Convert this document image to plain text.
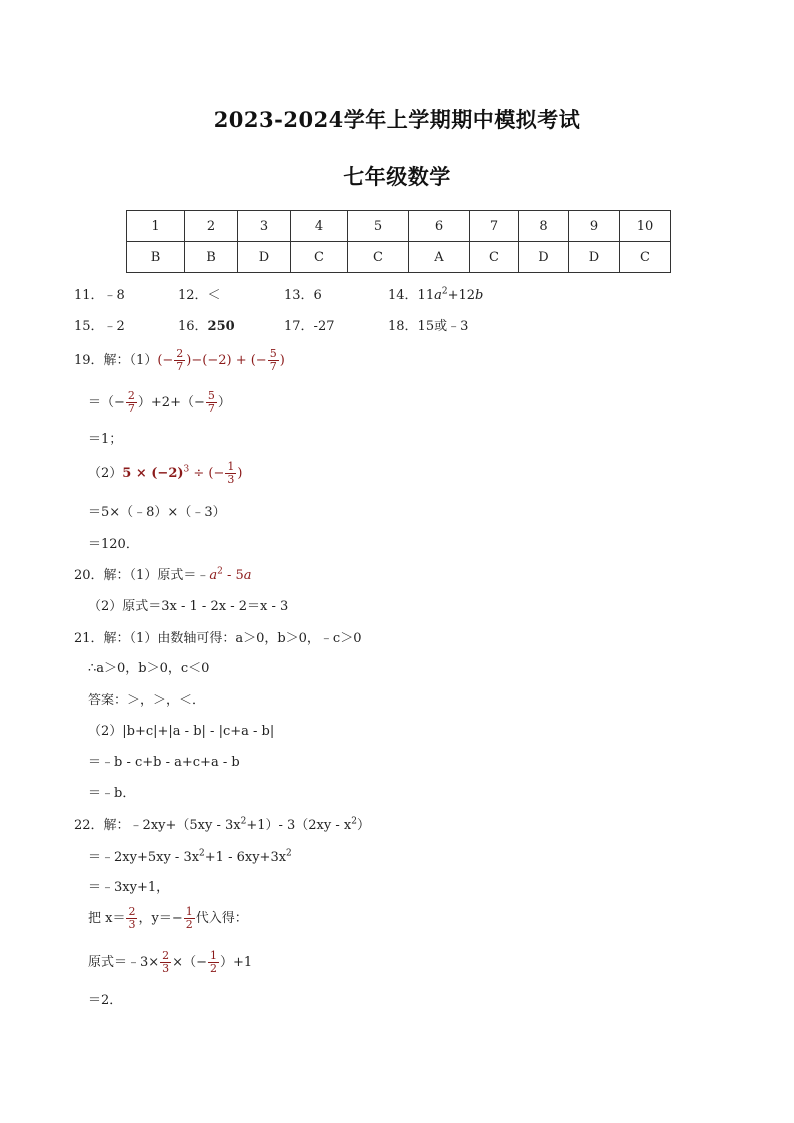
2023-2024学年上学期期中模拟考试
七年级数学
1	2	3	4	5	6	7	8	9	10
B	B	D	C	C	A	C	D	D	C
11．﹣8	12．＜	13．6	14．$11a^2+12b$
15．﹣2	16．250	17．-27	18．15或﹣3
19．解：$(1)(- \frac{2}{7} )-(-2)$ + (− $\frac{5}{7}$ )
＝（− $\frac{2}{7} )+2+(- \frac{5}{7}$ ）
＝1；
$(2)5 \times (-2)^3$ ÷ (− $\frac{1}{3}$ )
＝5×（﹣8）×（﹣3）
＝120．
20．解：（1）原式$=﹣a^2 - 5a$
（2）原式＝3x - 1 - 2x - 2＝x - 3
21．解：（1）由数轴可得：a＞0，b＞0，﹣c＞0
∴a＞0，b＞0，c＜0
答案：＞，＞，＜．
（2）|b+c|+|a - b| - |c+a - b|
＝﹣b - c+b - a+c+a - b
＝﹣b．
22．解：﹣2xy+（5xy - $3x^2+1)-$ $3(2xy - x^2)$
＝﹣2xy+5xy - $3x^2+1 - 6xy+3x^2$
＝﹣3xy+1，
把 $x= \frac{2}{3}$ ，$y=- \frac{1}{2}$ 代入得：
原式＝﹣3× $\frac{2}{3}$ ×（− $\frac{1}{2} )+1$
＝2．
